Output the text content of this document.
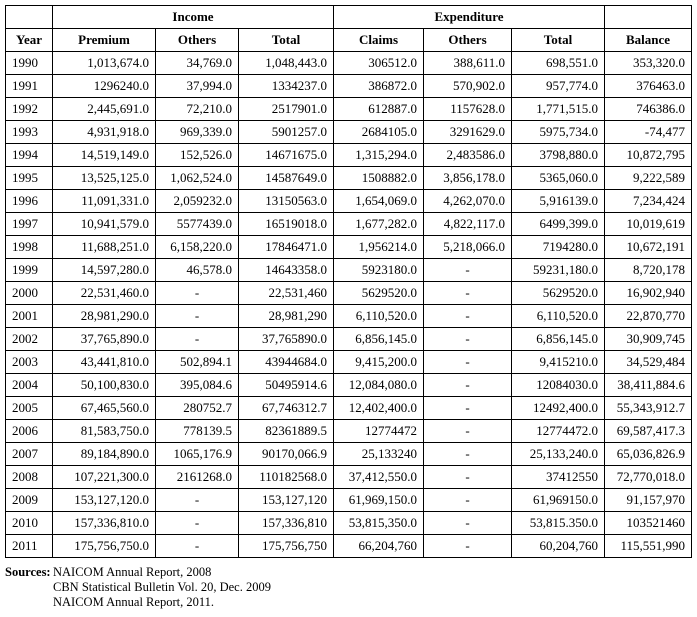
	Income			Expenditure			
Year	Premium	Others	Total	Claims	Others	Total	Balance
1990	1,013,674.0	34,769.0	1,048,443.0	306512.0	388,611.0	698,551.0	353,320.0
1991	1296240.0	37,994.0	1334237.0	386872.0	570,902.0	957,774.0	376463.0
1992	2,445,691.0	72,210.0	2517901.0	612887.0	1157628.0	1,771,515.0	746386.0
1993	4,931,918.0	969,339.0	5901257.0	2684105.0	3291629.0	5975,734.0	-74,477
1994	14,519,149.0	152,526.0	14671675.0	1,315,294.0	2,483586.0	3798,880.0	10,872,795
1995	13,525,125.0	1,062,524.0	14587649.0	1508882.0	3,856,178.0	5365,060.0	9,222,589
1996	11,091,331.0	2,059232.0	13150563.0	1,654,069.0	4,262,070.0	5,916139.0	7,234,424
1997	10,941,579.0	5577439.0	16519018.0	1,677,282.0	4,822,117.0	6499,399.0	10,019,619
1998	11,688,251.0	6,158,220.0	17846471.0	1,956214.0	5,218,066.0	7194280.0	10,672,191
1999	14,597,280.0	46,578.0	14643358.0	5923180.0	-	59231,180.0	8,720,178
2000	22,531,460.0	-	22,531,460	5629520.0	-	5629520.0	16,902,940
2001	28,981,290.0	-	28,981,290	6,110,520.0	-	6,110,520.0	22,870,770
2002	37,765,890.0	-	37,765890.0	6,856,145.0	-	6,856,145.0	30,909,745
2003	43,441,810.0	502,894.1	43944684.0	9,415,200.0	-	9,415210.0	34,529,484
2004	50,100,830.0	395,084.6	50495914.6	12,084,080.0	-	12084030.0	38,411,884.6
2005	67,465,560.0	280752.7	67,746312.7	12,402,400.0	-	12492,400.0	55,343,912.7
2006	81,583,750.0	778139.5	82361889.5	12774472	-	12774472.0	69,587,417.3
2007	89,184,890.0	1065,176.9	90170,066.9	25,133240	-	25,133,240.0	65,036,826.9
2008	107,221,300.0	2161268.0	110182568.0	37,412,550.0	-	37412550	72,770,018.0
2009	153,127,120.0	-	153,127,120	61,969,150.0	-	61,969150.0	91,157,970
2010	157,336,810.0	-	157,336,810	53,815,350.0	-	53,815.350.0	103521460
2011	175,756,750.0	-	175,756,750	66,204,760	-	60,204,760	115,551,990
Sources: NAICOM Annual Report, 2008
CBN Statistical Bulletin Vol. 20, Dec. 2009
NAICOM Annual Report, 2011.
